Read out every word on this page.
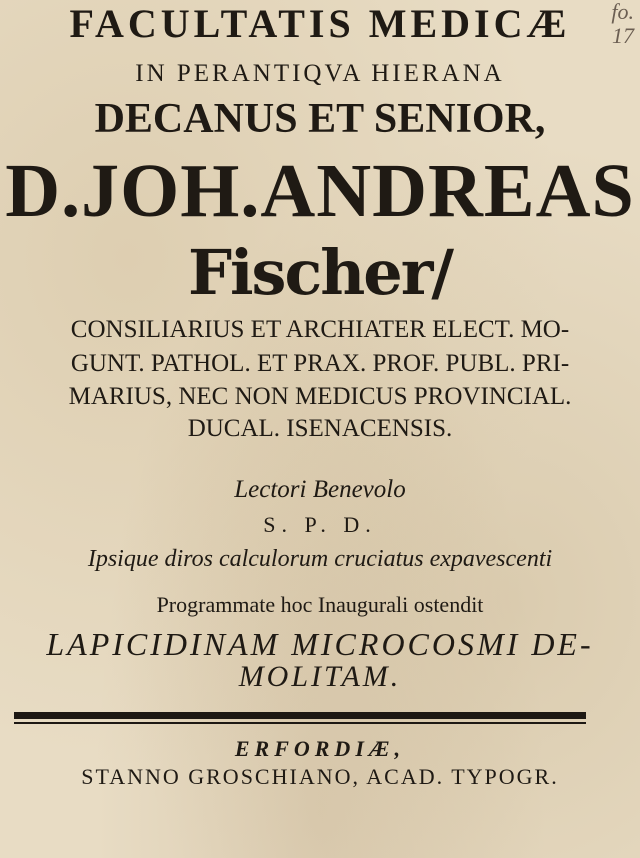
fo.
17
FACULTATIS MEDICÆ
IN PERANTIQVA HIERANA
DECANUS ET SENIOR,
D.JOH.ANDREAS
Fischer/
CONSILIARIUS ET ARCHIATER ELECT. MO-
GUNT. PATHOL. ET PRAX. PROF. PUBL. PRI-
MARIUS, NEC NON MEDICUS PROVINCIAL.
DUCAL. ISENACENSIS.
Lectori Benevolo
S. P. D.
Ipsique diros calculorum cruciatus expavescenti
Programmate hoc Inaugurali ostendit
LAPICIDINAM MICROCOSMI DE-
MOLITAM.
ERFORDIÆ,
STANNO GROSCHIANO, ACAD. TYPOGR.
